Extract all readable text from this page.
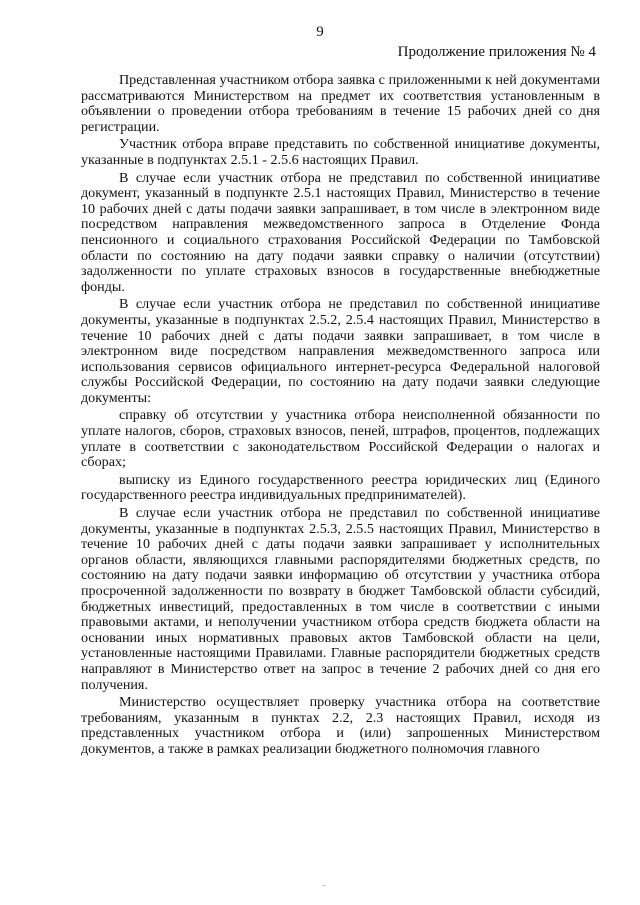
9
Продолжение приложения № 4

Представленная участником отбора заявка с приложенными к ней документами рассматриваются Министерством на предмет их соответствия установленным в объявлении о проведении отбора требованиям в течение 15 рабочих дней со дня регистрации.

Участник отбора вправе представить по собственной инициативе документы, указанные в подпунктах 2.5.1 - 2.5.6 настоящих Правил.

В случае если участник отбора не представил по собственной инициативе документ, указанный в подпункте 2.5.1 настоящих Правил, Министерство в течение 10 рабочих дней с даты подачи заявки запрашивает, в том числе в электронном виде посредством направления межведомственного запроса в Отделение Фонда пенсионного и социального страхования Российской Федерации по Тамбовской области по состоянию на дату подачи заявки справку о наличии (отсутствии) задолженности по уплате страховых взносов в государственные внебюджетные фонды.

В случае если участник отбора не представил по собственной инициативе документы, указанные в подпунктах 2.5.2, 2.5.4 настоящих Правил, Министерство в течение 10 рабочих дней с даты подачи заявки запрашивает, в том числе в электронном виде посредством направления межведомственного запроса или использования сервисов официального интернет-ресурса Федеральной налоговой службы Российской Федерации, по состоянию на дату подачи заявки следующие документы:

справку об отсутствии у участника отбора неисполненной обязанности по уплате налогов, сборов, страховых взносов, пеней, штрафов, процентов, подлежащих уплате в соответствии с законодательством Российской Федерации о налогах и сборах;

выписку из Единого государственного реестра юридических лиц (Единого государственного реестра индивидуальных предпринимателей).

В случае если участник отбора не представил по собственной инициативе документы, указанные в подпунктах 2.5.3, 2.5.5 настоящих Правил, Министерство в течение 10 рабочих дней с даты подачи заявки запрашивает у исполнительных органов области, являющихся главными распорядителями бюджетных средств, по состоянию на дату подачи заявки информацию об отсутствии у участника отбора просроченной задолженности по возврату в бюджет Тамбовской области субсидий, бюджетных инвестиций, предоставленных в том числе в соответствии с иными правовыми актами, и неполучении участником отбора средств бюджета области на основании иных нормативных правовых актов Тамбовской области на цели, установленные настоящими Правилами. Главные распорядители бюджетных средств направляют в Министерство ответ на запрос в течение 2 рабочих дней со дня его получения.

Министерство осуществляет проверку участника отбора на соответствие требованиям, указанным в пунктах 2.2, 2.3 настоящих Правил, исходя из представленных участником отбора и (или) запрошенных Министерством документов, а также в рамках реализации бюджетного полномочия главного
